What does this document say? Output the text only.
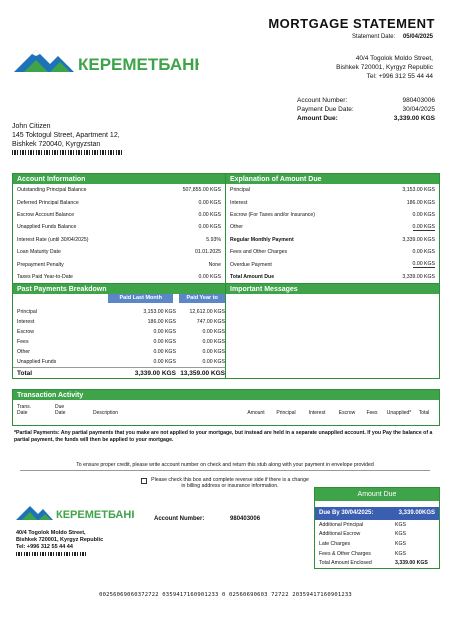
MORTGAGE STATEMENT
Statement Date: 05/04/2025
КЕРЕМЕТБАНК	40/4 Togolok Moldo Street,
Bishkek 720001, Kyrgyz Republic
Tel: +996 312 55 44 44
Account Number:	980403006
Payment Due Date:	30/04/2025
Amount Due:	3,339.00 KGS
John Citizen
145 Toktogul Street, Apartment 12,
Bishkek 720040, Kyrgyzstan
Account Information
Outstanding Principal Balance	507,855.00 KGS
Deferred Principal Balance	0.00 KGS
Escrow Account Balance	0.00 KGS
Unapplied Funds Balance	0.00 KGS
Interest Rate (until 30/04/2025)	5.93%
Loan Maturity Date	01.01.2025
Prepayment Penalty	None
Taxes Paid Year-to-Date	0.00 KGS
Explanation of Amount Due
Principal	3,153.00 KGS
Interest	186.00 KGS
Escrow (For Taxes and/or Insurance)	0.00 KGS
Other	0.00 KGS
Regular Monthly Payment	3,339.00 KGS
Fees and Other Charges	0.00 KGS
Overdue Payment	0.00 KGS
Total Amount Due	3,339.00 KGS
Past Payments Breakdown
Paid Last Month	Paid Year to Date
Principal	3,153.00 KGS	12,612.00 KGS
Interest	186.00 KGS	747.00 KGS
Escrow	0.00 KGS	0.00 KGS
Fees	0.00 KGS	0.00 KGS
Other	0.00 KGS	0.00 KGS
Unapplied Funds	0.00 KGS	0.00 KGS
Total	3,339.00 KGS 13,359.00 KGS
Important Messages
Transaction Activity
Trans.
Date
Due
Date	Description	Amount	Principal	Interest	Escrow	Fees	Unapplied*	Total
*Partial Payments: Any partial payments that you make are not applied to your mortgage, but instead are held in a separate unapplied account. If you Pay the balance of a partial payment, the funds will then be applied to your mortgage.
To ensure proper credit, please write account number on check and return this stub along with your payment in envelope provided
Please check this box and complete reverse side if there is a change in billing address or insurance information.
КЕРЕМЕТБАНК
40/4 Togolok Moldo Street,
Bishkek 720001, Kyrgyz Republic
Tel: +996 312 55 44 44
Account Number:	980403006
Amount Due
Due By 30/04/2025:	3,339.00KGS
Additional Principal	KGS
Additional Escrow	KGS
Late Charges	KGS
Fees & Other Charges	KGS
Total Amount Enclosed	3,339.00 KGS
00256069060372722 0359417160901233 0 02560690603 72722 20359417160901233
